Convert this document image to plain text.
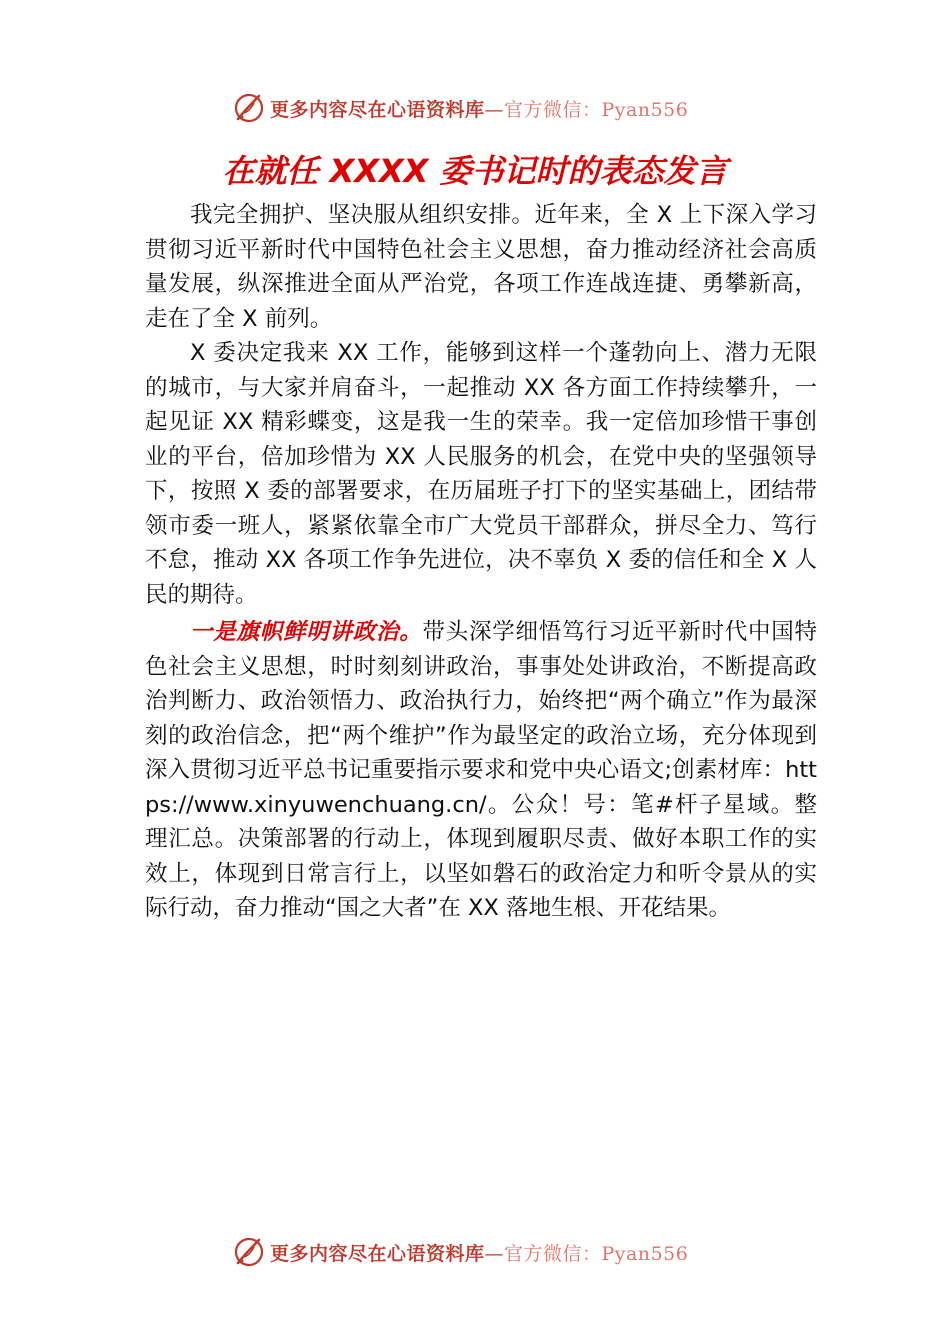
更多内容尽在心语资料库—官方微信：Pyan556
在就任 XXXX 委书记时的表态发言

我完全拥护、坚决服从组织安排。近年来，全 X 上下深入学习贯彻习近平新时代中国特色社会主义思想，奋力推动经济社会高质量发展，纵深推进全面从严治党，各项工作连战连捷、勇攀新高，走在了全 X 前列。

X 委决定我来 XX 工作，能够到这样一个蓬勃向上、潜力无限的城市，与大家并肩奋斗，一起推动 XX 各方面工作持续攀升，一起见证 XX 精彩蝶变，这是我一生的荣幸。我一定倍加珍惜干事创业的平台，倍加珍惜为 XX 人民服务的机会，在党中央的坚强领导下，按照 X 委的部署要求，在历届班子打下的坚实基础上，团结带领市委一班人，紧紧依靠全市广大党员干部群众，拼尽全力、笃行不怠，推动 XX 各项工作争先进位，决不辜负 X 委的信任和全 X 人民的期待。

一是旗帜鲜明讲政治。带头深学细悟笃行习近平新时代中国特色社会主义思想，时时刻刻讲政治，事事处处讲政治，不断提高政治判断力、政治领悟力、政治执行力，始终把“两个确立”作为最深刻的政治信念，把“两个维护”作为最坚定的政治立场，充分体现到深入贯彻习近平总书记重要指示要求和党中央心语文;创素材库：https://www.xinyuwenchuang.cn/。公众！号：笔#杆子星域。整理汇总。决策部署的行动上，体现到履职尽责、做好本职工作的实效上，体现到日常言行上，以坚如磐石的政治定力和听令景从的实际行动，奋力推动“国之大者”在 XX 落地生根、开花结果。

更多内容尽在心语资料库—官方微信：Pyan556
